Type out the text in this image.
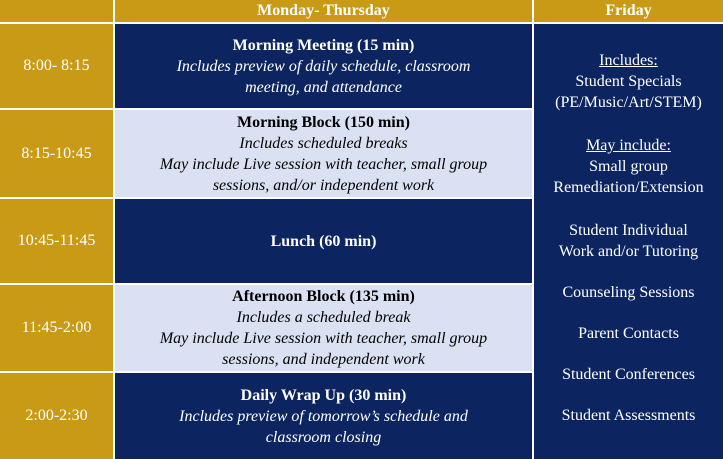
Monday- Thursday	Friday
8:00- 8:15
Morning Meeting (15 min)
Includes preview of daily schedule, classroom
meeting, and attendance
8:15-10:45
Morning Block (150 min)
Includes scheduled breaks
May include Live session with teacher, small group
sessions, and/or independent work
10:45-11:45	Lunch (60 min)
11:45-2:00
Afternoon Block (135 min)
Includes a scheduled break
May include Live session with teacher, small group
sessions, and independent work
2:00-2:30
Daily Wrap Up (30 min)
Includes preview of tomorrow’s schedule and
classroom closing
Includes:
Student Specials
(PE/Music/Art/STEM)
May include:
Small group
Remediation/Extension
Student Individual
Work and/or Tutoring
Counseling Sessions
Parent Contacts
Student Conferences
Student Assessments
